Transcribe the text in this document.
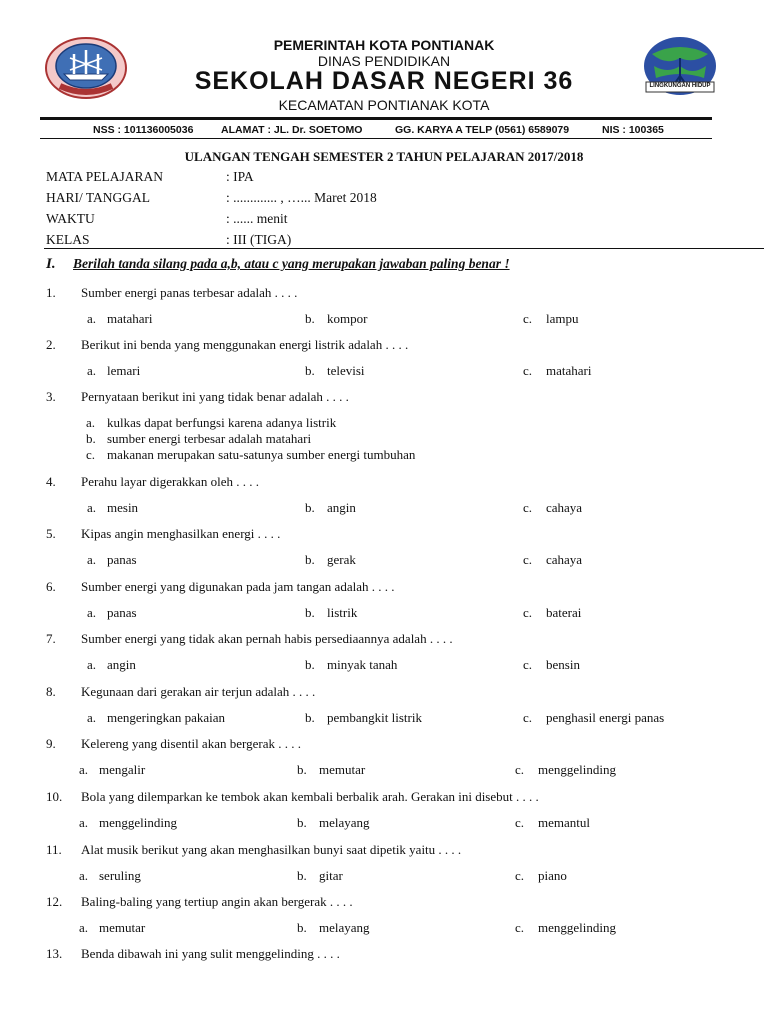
PEMERINTAH KOTA PONTIANAK
DINAS PENDIDIKAN
SEKOLAH DASAR NEGERI 36
KECAMATAN PONTIANAK KOTA
LINGKUNGAN HIDUP
NSS : 101136005036	ALAMAT : JL. Dr. SOETOMO	GG. KARYA A TELP (0561) 6589079	NIS : 100365
ULANGAN TENGAH SEMESTER 2 TAHUN PELAJARAN 2017/2018
MATA PELAJARAN	: IPA
HARI/ TANGGAL	: ............. , …... Maret 2018
WAKTU	: ...... menit
KELAS	: III (TIGA)
I. Berilah tanda silang pada a,b, atau c yang merupakan jawaban paling benar !
1. Sumber energi panas terbesar adalah . . . .
a. matahari	b. kompor	c. lampu
2. Berikut ini benda yang menggunakan energi listrik adalah . . . .
a. lemari	b. televisi	c. matahari
3. Pernyataan berikut ini yang tidak benar adalah . . . .
a. kulkas dapat berfungsi karena adanya listrik
b. sumber energi terbesar adalah matahari
c. makanan merupakan satu-satunya sumber energi tumbuhan
4. Perahu layar digerakkan oleh . . . .
a. mesin	b. angin	c. cahaya
5. Kipas angin menghasilkan energi . . . .
a. panas	b. gerak	c. cahaya
6. Sumber energi yang digunakan pada jam tangan adalah . . . .
a. panas	b. listrik	c. baterai
7. Sumber energi yang tidak akan pernah habis persediaannya adalah . . . .
a. angin	b. minyak tanah	c. bensin
8. Kegunaan dari gerakan air terjun adalah . . . .
a. mengeringkan pakaian	b. pembangkit listrik	c. penghasil energi panas
9. Kelereng yang disentil akan bergerak . . . .
a. mengalir	b. memutar	c. menggelinding
10. Bola yang dilemparkan ke tembok akan kembali berbalik arah. Gerakan ini disebut . . . .
a. menggelinding	b. melayang	c. memantul
11. Alat musik berikut yang akan menghasilkan bunyi saat dipetik yaitu . . . .
a. seruling	b. gitar	c. piano
12. Baling-baling yang tertiup angin akan bergerak . . . .
a. memutar	b. melayang	c. menggelinding
13. Benda dibawah ini yang sulit menggelinding . . . .
